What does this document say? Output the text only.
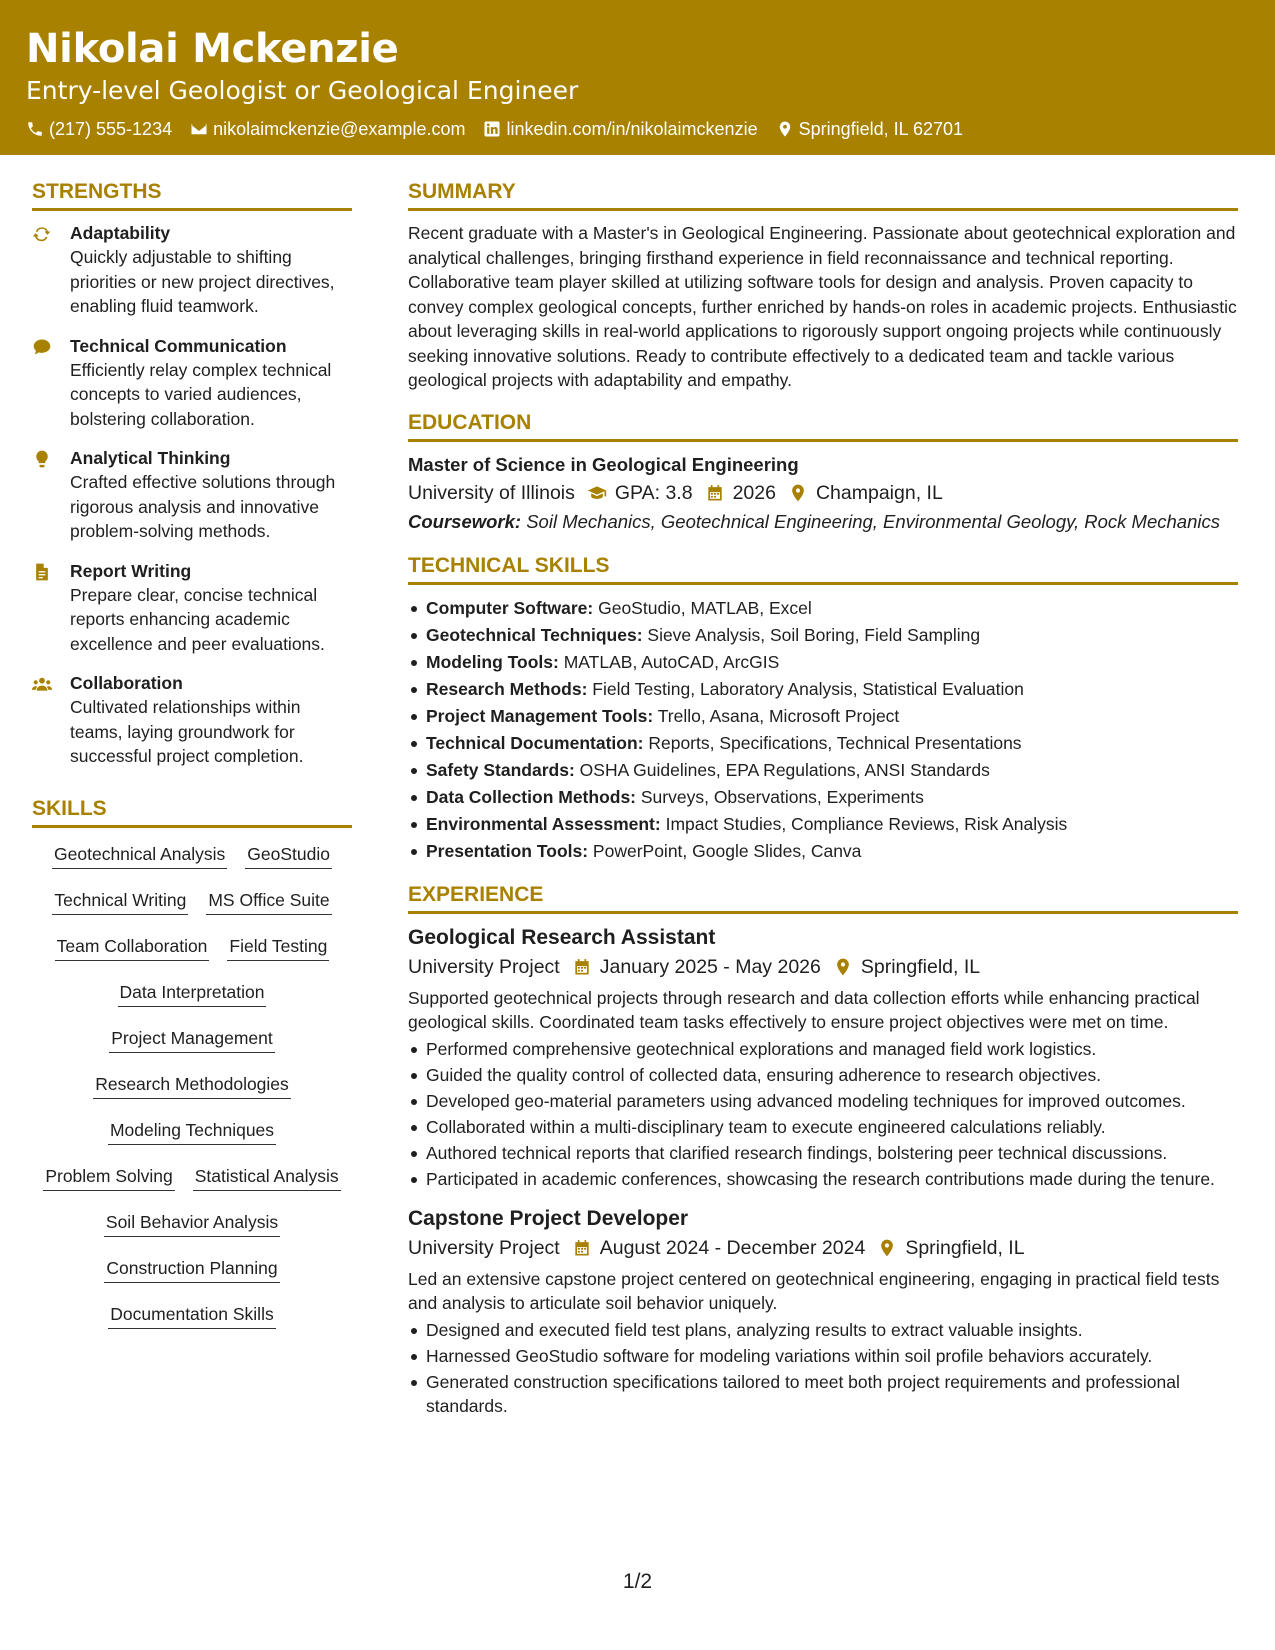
Nikolai Mckenzie
Entry-level Geologist or Geological Engineer
(217) 555-1234 nikolaimckenzie@example.com linkedin.com/in/nikolaimckenzie Springfield, IL 62701
STRENGTHS
Adaptability
Quickly adjustable to shifting priorities or new project directives, enabling fluid teamwork.
Technical Communication
Efficiently relay complex technical concepts to varied audiences, bolstering collaboration.
Analytical Thinking
Crafted effective solutions through rigorous analysis and innovative problem-solving methods.
Report Writing
Prepare clear, concise technical reports enhancing academic excellence and peer evaluations.
Collaboration
Cultivated relationships within teams, laying groundwork for successful project completion.
SKILLS
Geotechnical Analysis GeoStudio
Technical Writing MS Office Suite
Team Collaboration Field Testing
Data Interpretation
Project Management
Research Methodologies
Modeling Techniques
Problem Solving Statistical Analysis
Soil Behavior Analysis
Construction Planning
Documentation Skills
SUMMARY
Recent graduate with a Master's in Geological Engineering. Passionate about geotechnical exploration and analytical challenges, bringing firsthand experience in field reconnaissance and technical reporting. Collaborative team player skilled at utilizing software tools for design and analysis. Proven capacity to convey complex geological concepts, further enriched by hands-on roles in academic projects. Enthusiastic about leveraging skills in real-world applications to rigorously support ongoing projects while continuously seeking innovative solutions. Ready to contribute effectively to a dedicated team and tackle various geological projects with adaptability and empathy.
EDUCATION
Master of Science in Geological Engineering
University of Illinois GPA: 3.8 2026 Champaign, IL
Coursework: Soil Mechanics, Geotechnical Engineering, Environmental Geology, Rock Mechanics
TECHNICAL SKILLS
Computer Software: GeoStudio, MATLAB, Excel
Geotechnical Techniques: Sieve Analysis, Soil Boring, Field Sampling
Modeling Tools: MATLAB, AutoCAD, ArcGIS
Research Methods: Field Testing, Laboratory Analysis, Statistical Evaluation
Project Management Tools: Trello, Asana, Microsoft Project
Technical Documentation: Reports, Specifications, Technical Presentations
Safety Standards: OSHA Guidelines, EPA Regulations, ANSI Standards
Data Collection Methods: Surveys, Observations, Experiments
Environmental Assessment: Impact Studies, Compliance Reviews, Risk Analysis
Presentation Tools: PowerPoint, Google Slides, Canva
EXPERIENCE
Geological Research Assistant
University Project January 2025 - May 2026 Springfield, IL
Supported geotechnical projects through research and data collection efforts while enhancing practical geological skills. Coordinated team tasks effectively to ensure project objectives were met on time.
Performed comprehensive geotechnical explorations and managed field work logistics.
Guided the quality control of collected data, ensuring adherence to research objectives.
Developed geo-material parameters using advanced modeling techniques for improved outcomes.
Collaborated within a multi-disciplinary team to execute engineered calculations reliably.
Authored technical reports that clarified research findings, bolstering peer technical discussions.
Participated in academic conferences, showcasing the research contributions made during the tenure.
Capstone Project Developer
University Project August 2024 - December 2024 Springfield, IL
Led an extensive capstone project centered on geotechnical engineering, engaging in practical field tests and analysis to articulate soil behavior uniquely.
Designed and executed field test plans, analyzing results to extract valuable insights.
Harnessed GeoStudio software for modeling variations within soil profile behaviors accurately.
Generated construction specifications tailored to meet both project requirements and professional standards.
1/2
